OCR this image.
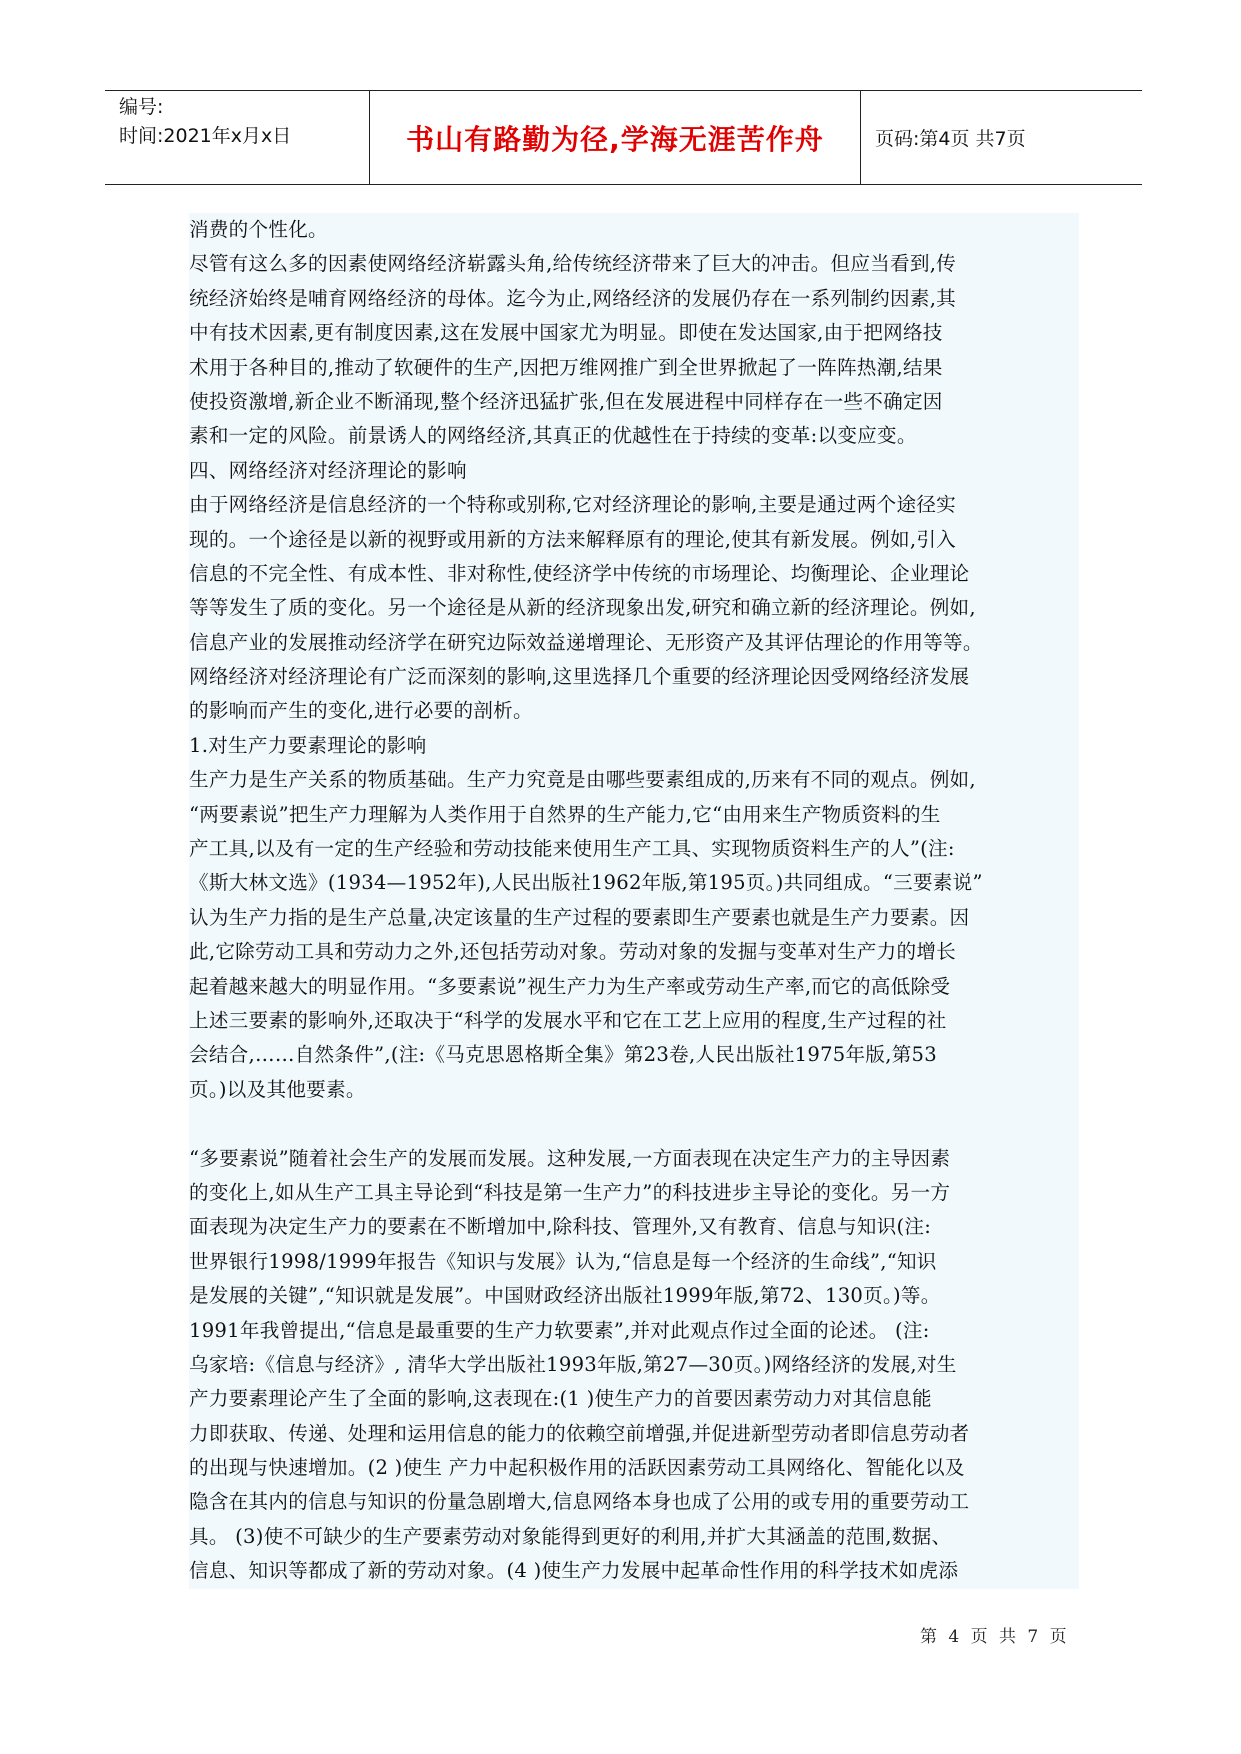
编号:
时间:2021年x月x日	书山有路勤为径,学海无涯苦作舟	页码:第4页 共7页
消费的个性化。
尽管有这么多的因素使网络经济崭露头角,给传统经济带来了巨大的冲击。但应当看到,传
统经济始终是哺育网络经济的母体。迄今为止,网络经济的发展仍存在一系列制约因素,其
中有技术因素,更有制度因素,这在发展中国家尤为明显。即使在发达国家,由于把网络技
术用于各种目的,推动了软硬件的生产,因把万维网推广到全世界掀起了一阵阵热潮,结果
使投资激增,新企业不断涌现,整个经济迅猛扩张,但在发展进程中同样存在一些不确定因
素和一定的风险。前景诱人的网络经济,其真正的优越性在于持续的变革:以变应变。
四、网络经济对经济理论的影响
由于网络经济是信息经济的一个特称或别称,它对经济理论的影响,主要是通过两个途径实
现的。一个途径是以新的视野或用新的方法来解释原有的理论,使其有新发展。例如,引入
信息的不完全性、有成本性、非对称性,使经济学中传统的市场理论、均衡理论、企业理论
等等发生了质的变化。另一个途径是从新的经济现象出发,研究和确立新的经济理论。例如,
信息产业的发展推动经济学在研究边际效益递增理论、无形资产及其评估理论的作用等等。
网络经济对经济理论有广泛而深刻的影响,这里选择几个重要的经济理论因受网络经济发展
的影响而产生的变化,进行必要的剖析。
1.对生产力要素理论的影响
生产力是生产关系的物质基础。生产力究竟是由哪些要素组成的,历来有不同的观点。例如,
“两要素说”把生产力理解为人类作用于自然界的生产能力,它“由用来生产物质资料的生
产工具,以及有一定的生产经验和劳动技能来使用生产工具、实现物质资料生产的人”(注:
《斯大林文选》(1934—1952年),人民出版社1962年版,第195页。)共同组成。“三要素说”
认为生产力指的是生产总量,决定该量的生产过程的要素即生产要素也就是生产力要素。因
此,它除劳动工具和劳动力之外,还包括劳动对象。劳动对象的发掘与变革对生产力的增长
起着越来越大的明显作用。“多要素说”视生产力为生产率或劳动生产率,而它的高低除受
上述三要素的影响外,还取决于“科学的发展水平和它在工艺上应用的程度,生产过程的社
会结合,……自然条件”,(注:《马克思恩格斯全集》第23卷,人民出版社1975年版,第53
页。)以及其他要素。
“多要素说”随着社会生产的发展而发展。这种发展,一方面表现在决定生产力的主导因素
的变化上,如从生产工具主导论到“科技是第一生产力”的科技进步主导论的变化。另一方
面表现为决定生产力的要素在不断增加中,除科技、管理外,又有教育、信息与知识(注:
世界银行1998/1999年报告《知识与发展》认为,“信息是每一个经济的生命线”,“知识
是发展的关键”,“知识就是发展”。中国财政经济出版社1999年版,第72、130页。)等。
1991年我曾提出,“信息是最重要的生产力软要素”,并对此观点作过全面的论述。 (注:
乌家培:《信息与经济》, 清华大学出版社1993年版,第27—30页。)网络经济的发展,对生
产力要素理论产生了全面的影响,这表现在:(1 )使生产力的首要因素劳动力对其信息能
力即获取、传递、处理和运用信息的能力的依赖空前增强,并促进新型劳动者即信息劳动者
的出现与快速增加。(2 )使生 产力中起积极作用的活跃因素劳动工具网络化、智能化以及
隐含在其内的信息与知识的份量急剧增大,信息网络本身也成了公用的或专用的重要劳动工
具。 (3)使不可缺少的生产要素劳动对象能得到更好的利用,并扩大其涵盖的范围,数据、
信息、知识等都成了新的劳动对象。(4 )使生产力发展中起革命性作用的科学技术如虎添
第 4 页 共 7 页
